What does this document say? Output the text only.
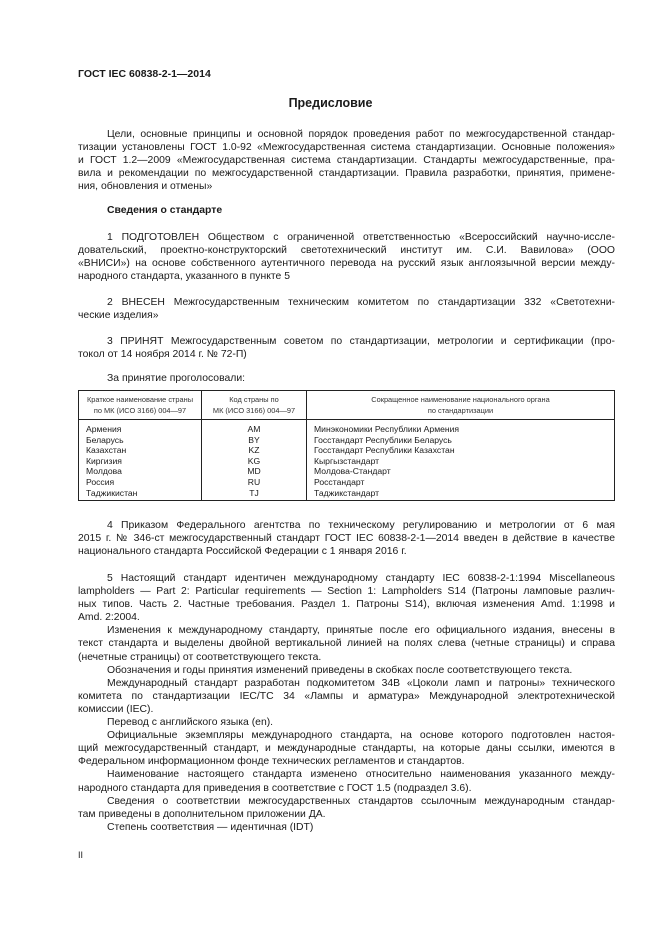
ГОСТ IEC 60838-2-1—2014
Предисловие
Цели, основные принципы и основной порядок проведения работ по межгосударственной стандар-
тизации установлены ГОСТ 1.0‑92 «Межгосударственная система стандартизации. Основные положения»
и ГОСТ 1.2—2009 «Межгосударственная система стандартизации. Стандарты межгосударственные, пра-
вила и рекомендации по межгосударственной стандартизации. Правила разработки, принятия, примене-
ния, обновления и отмены»
Сведения о стандарте
1 ПОДГОТОВЛЕН Обществом с ограниченной ответственностью «Всероссийский научно-иссле-
довательский, проектно-конструкторский светотехнический институт им. С.И. Вавилова» (ООО
«ВНИСИ») на основе собственного аутентичного перевода на русский язык англоязычной версии между-
народного стандарта, указанного в пункте 5
2 ВНЕСЕН Межгосударственным техническим комитетом по стандартизации 332 «Светотехни-
ческие изделия»
3 ПРИНЯТ Межгосударственным советом по стандартизации, метрологии и сертификации (про-
токол от 14 ноября 2014 г. № 72-П)
За принятие проголосовали:
Краткое наименование страны
по МК (ИСО 3166) 004—97	Код страны по
МК (ИСО 3166) 004—97	Сокращенное наименование национального органа
по стандартизации
Армения	AM	Минэкономики Республики Армения
Беларусь	BY	Госстандарт Республики Беларусь
Казахстан	KZ	Госстандарт Республики Казахстан
Киргизия	KG	Кыргызстандарт
Молдова	MD	Молдова-Стандарт
Россия	RU	Росстандарт
Таджикистан	TJ	Таджикстандарт
4 Приказом Федерального агентства по техническому регулированию и метрологии от 6 мая
2015 г. № 346-ст межгосударственный стандарт ГОСТ IEC 60838-2-1—2014 введен в действие в качестве
национального стандарта Российской Федерации с 1 января 2016 г.
5 Настоящий стандарт идентичен международному стандарту IEC 60838-2-1:1994 Miscellaneous
lampholders — Part 2: Particular requirements — Section 1: Lampholders S14 (Патроны ламповые различ-
ных типов. Часть 2. Частные требования. Раздел 1. Патроны S14), включая изменения Amd. 1:1998 и
Amd. 2:2004.
Изменения к международному стандарту, принятые после его официального издания, внесены в
текст стандарта и выделены двойной вертикальной линией на полях слева (четные страницы) и справа
(нечетные страницы) от соответствующего текста.
Обозначения и годы принятия изменений приведены в скобках после соответствующего текста.
Международный стандарт разработан подкомитетом 34В «Цоколи ламп и патроны» технического
комитета по стандартизации IEC/TC 34 «Лампы и арматура» Международной электротехнической
комиссии (IEC).
Перевод с английского языка (en).
Официальные экземпляры международного стандарта, на основе которого подготовлен настоя-
щий межгосударственный стандарт, и международные стандарты, на которые даны ссылки, имеются в
Федеральном информационном фонде технических регламентов и стандартов.
Наименование настоящего стандарта изменено относительно наименования указанного между-
народного стандарта для приведения в соответствие с ГОСТ 1.5 (подраздел 3.6).
Сведения о соответствии межгосударственных стандартов ссылочным международным стандар-
там приведены в дополнительном приложении ДА.
Степень соответствия — идентичная (IDT)
II
